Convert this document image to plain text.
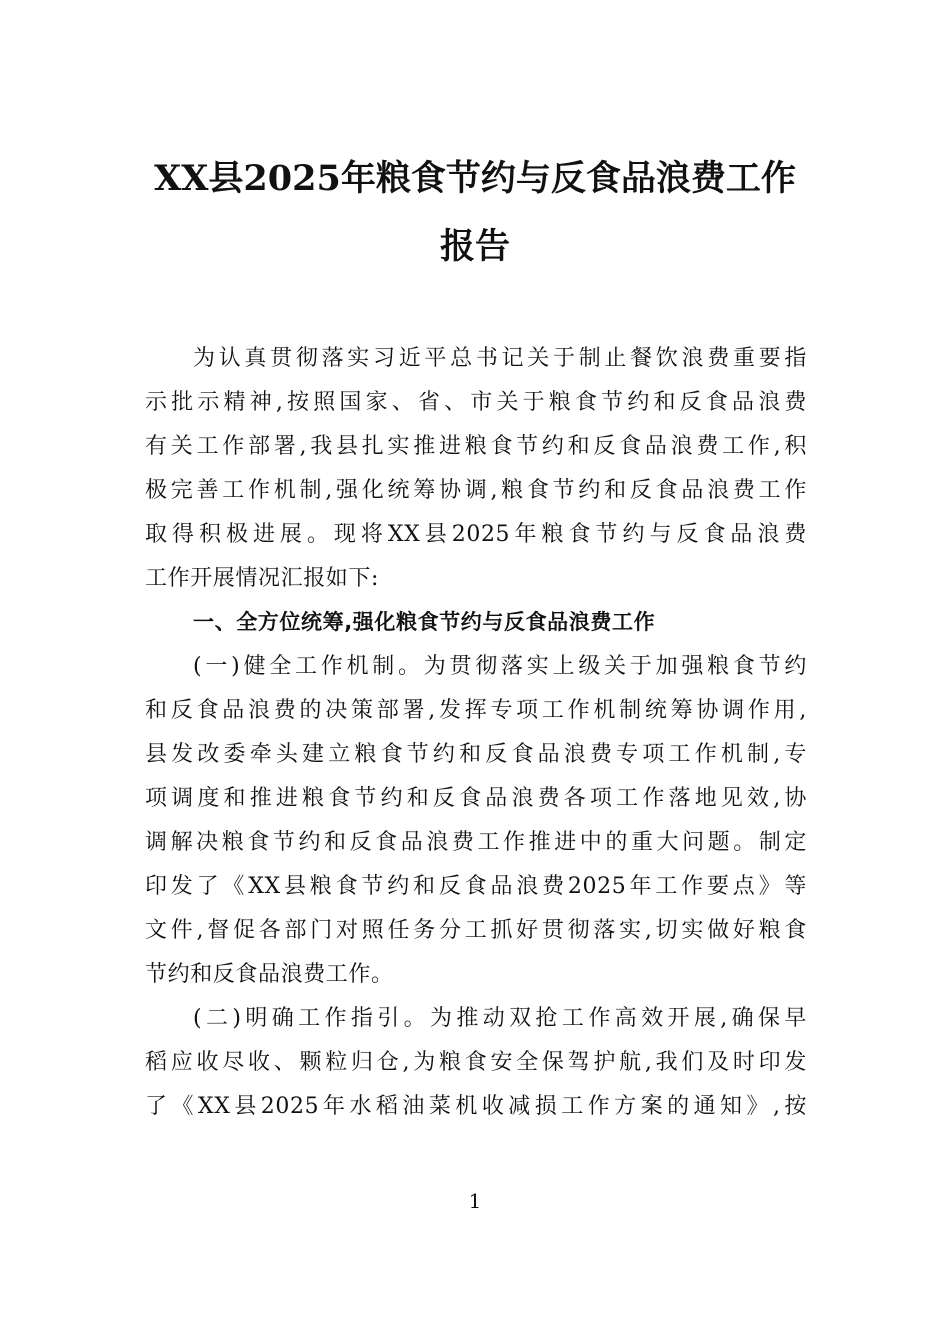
XX县2025年粮食节约与反食品浪费工作
报告
为认真贯彻落实习近平总书记关于制止餐饮浪费重要指
示批示精神,按照国家、省、市关于粮食节约和反食品浪费
有关工作部署,我县扎实推进粮食节约和反食品浪费工作,积
极完善工作机制,强化统筹协调,粮食节约和反食品浪费工作
取得积极进展。现将XX县2025年粮食节约与反食品浪费
工作开展情况汇报如下:
一、全方位统筹,强化粮食节约与反食品浪费工作
(一)健全工作机制。为贯彻落实上级关于加强粮食节约
和反食品浪费的决策部署,发挥专项工作机制统筹协调作用,
县发改委牵头建立粮食节约和反食品浪费专项工作机制,专
项调度和推进粮食节约和反食品浪费各项工作落地见效,协
调解决粮食节约和反食品浪费工作推进中的重大问题。制定
印发了《XX县粮食节约和反食品浪费2025年工作要点》等
文件,督促各部门对照任务分工抓好贯彻落实,切实做好粮食
节约和反食品浪费工作。
(二)明确工作指引。为推动双抢工作高效开展,确保早
稻应收尽收、颗粒归仓,为粮食安全保驾护航,我们及时印发
了《XX县2025年水稻油菜机收减损工作方案的通知》,按
1
